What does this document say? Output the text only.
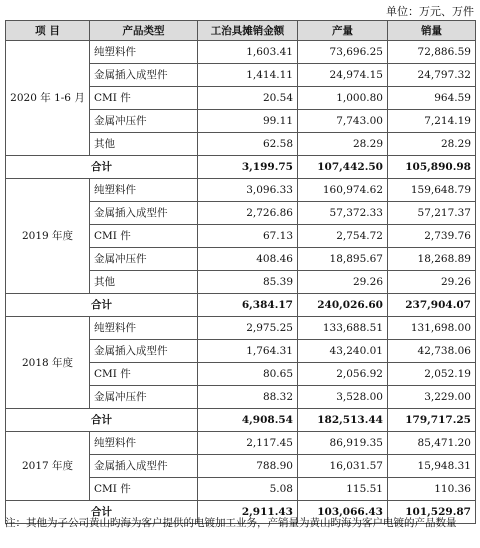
单位：万元、万件
项 目	产品类型	工治具摊销金额	产量	销量
2020 年 1-6 月	纯塑料件	1,603.41	73,696.25	72,886.59
	金属插入成型件	1,414.11	24,974.15	24,797.32
	CMI 件	20.54	1,000.80	964.59
	金属冲压件	99.11	7,743.00	7,214.19
	其他	62.58	28.29	28.29
合计		3,199.75	107,442.50	105,890.98
2019 年度	纯塑料件	3,096.33	160,974.62	159,648.79
	金属插入成型件	2,726.86	57,372.33	57,217.37
	CMI 件	67.13	2,754.72	2,739.76
	金属冲压件	408.46	18,895.67	18,268.89
	其他	85.39	29.26	29.26
合计		6,384.17	240,026.60	237,904.07
2018 年度	纯塑料件	2,975.25	133,688.51	131,698.00
	金属插入成型件	1,764.31	43,240.01	42,738.06
	CMI 件	80.65	2,056.92	2,052.19
	金属冲压件	88.32	3,528.00	3,229.00
合计		4,908.54	182,513.44	179,717.25
2017 年度	纯塑料件	2,117.45	86,919.35	85,471.20
	金属插入成型件	788.90	16,031.57	15,948.31
	CMI 件	5.08	115.51	110.36
合计		2,911.43	103,066.43	101,529.87
注：其他为子公司黄山昀海为客户提供的电镀加工业务，产销量为黄山昀海为客户电镀的产品数量
